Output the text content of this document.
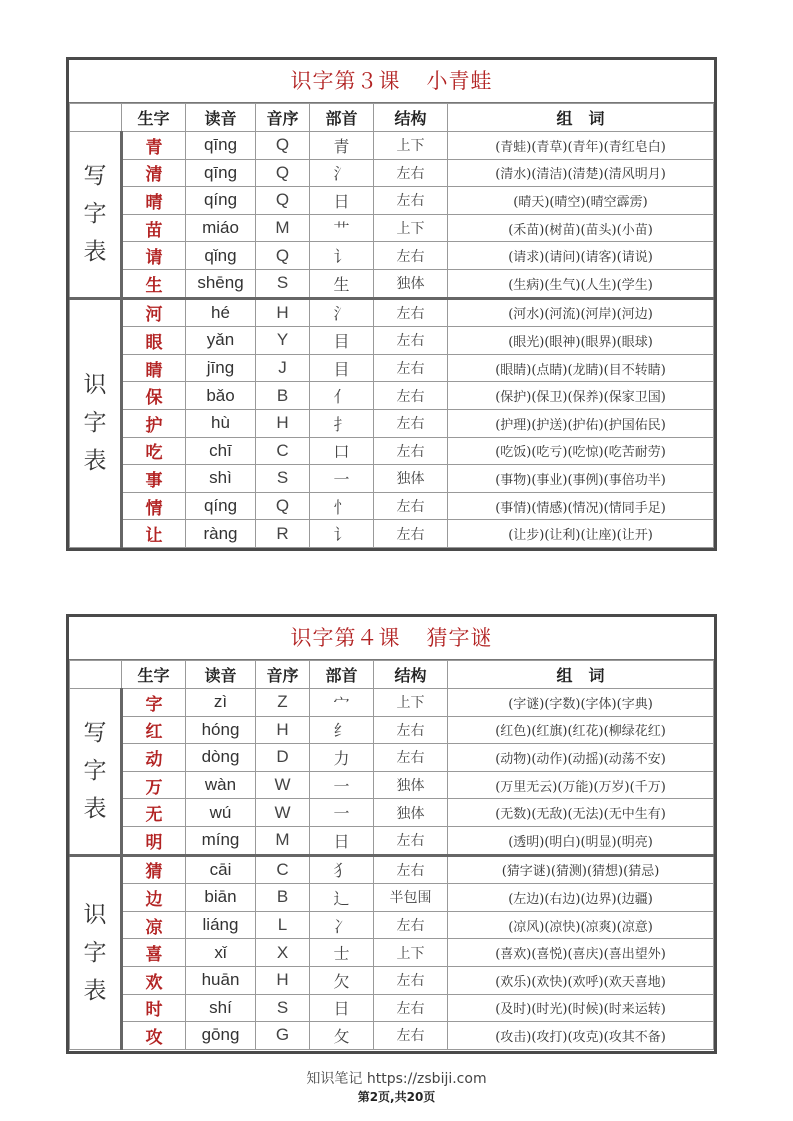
识字第３课 小青蛙
	生字	读音	音序	部首	结构	组　词
写
字
表	青	qīng	Q	青	上下	(青蛙)(青草)(青年)(青红皂白)
	清	qīng	Q	氵	左右	(清水)(清洁)(清楚)(清风明月)
	晴	qíng	Q	日	左右	(晴天)(晴空)(晴空霹雳)
	苗	miáo	M	艹	上下	(禾苗)(树苗)(苗头)(小苗)
	请	qǐng	Q	讠	左右	(请求)(请问)(请客)(请说)
	生	shēng	S	生	独体	(生病)(生气)(人生)(学生)
识
字
表	河	hé	H	氵	左右	(河水)(河流)(河岸)(河边)
	眼	yǎn	Y	目	左右	(眼光)(眼神)(眼界)(眼球)
	睛	jīng	J	目	左右	(眼睛)(点睛)(龙睛)(目不转睛)
	保	bǎo	B	亻	左右	(保护)(保卫)(保养)(保家卫国)
	护	hù	H	扌	左右	(护理)(护送)(护佑)(护国佑民)
	吃	chī	C	口	左右	(吃饭)(吃亏)(吃惊)(吃苦耐劳)
	事	shì	S	一	独体	(事物)(事业)(事例)(事倍功半)
	情	qíng	Q	忄	左右	(事情)(情感)(情况)(情同手足)
	让	ràng	R	讠	左右	(让步)(让利)(让座)(让开)
识字第４课 猜字谜
	生字	读音	音序	部首	结构	组　词
写
字
表	字	zì	Z	宀	上下	(字谜)(字数)(字体)(字典)
	红	hóng	H	纟	左右	(红色)(红旗)(红花)(柳绿花红)
	动	dòng	D	力	左右	(动物)(动作)(动摇)(动荡不安)
	万	wàn	W	一	独体	(万里无云)(万能)(万岁)(千万)
	无	wú	W	一	独体	(无数)(无敌)(无法)(无中生有)
	明	míng	M	日	左右	(透明)(明白)(明显)(明亮)
识
字
表	猜	cāi	C	犭	左右	(猜字谜)(猜测)(猜想)(猜忌)
	边	biān	B	辶	半包围	(左边)(右边)(边界)(边疆)
	凉	liáng	L	冫	左右	(凉风)(凉快)(凉爽)(凉意)
	喜	xǐ	X	士	上下	(喜欢)(喜悦)(喜庆)(喜出望外)
	欢	huān	H	欠	左右	(欢乐)(欢快)(欢呼)(欢天喜地)
	时	shí	S	日	左右	(及时)(时光)(时候)(时来运转)
	攻	gōng	G	攵	左右	(攻击)(攻打)(攻克)(攻其不备)
知识笔记 https://zsbiji.com
第2页,共20页
